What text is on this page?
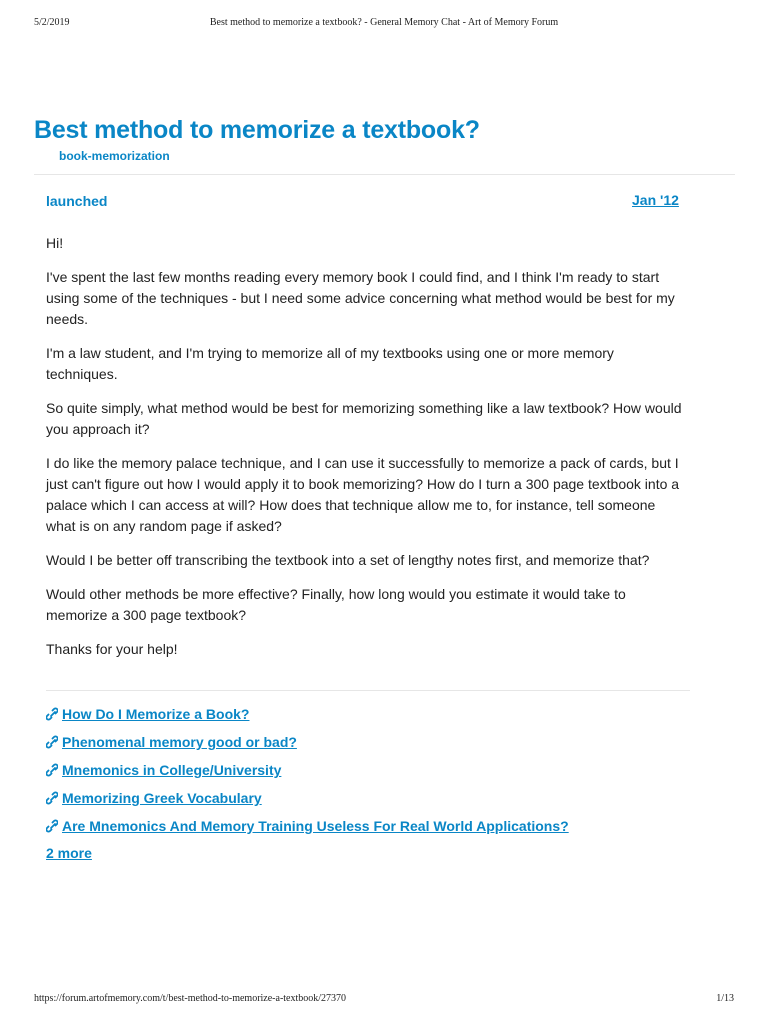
5/2/2019	Best method to memorize a textbook? - General Memory Chat - Art of Memory Forum
Best method to memorize a textbook?
book-memorization
launched	Jan '12

Hi!

I've spent the last few months reading every memory book I could find, and I think I'm ready to start using some of the techniques - but I need some advice concerning what method would be best for my needs.

I'm a law student, and I'm trying to memorize all of my textbooks using one or more memory techniques.

So quite simply, what method would be best for memorizing something like a law textbook? How would you approach it?

I do like the memory palace technique, and I can use it successfully to memorize a pack of cards, but I just can't figure out how I would apply it to book memorizing? How do I turn a 300 page textbook into a palace which I can access at will? How does that technique allow me to, for instance, tell someone what is on any random page if asked?

Would I be better off transcribing the textbook into a set of lengthy notes first, and memorize that?

Would other methods be more effective? Finally, how long would you estimate it would take to memorize a 300 page textbook?

Thanks for your help!

How Do I Memorize a Book?
Phenomenal memory good or bad?
Mnemonics in College/University
Memorizing Greek Vocabulary
Are Mnemonics And Memory Training Useless For Real World Applications?
2 more
https://forum.artofmemory.com/t/best-method-to-memorize-a-textbook/27370	1/13
